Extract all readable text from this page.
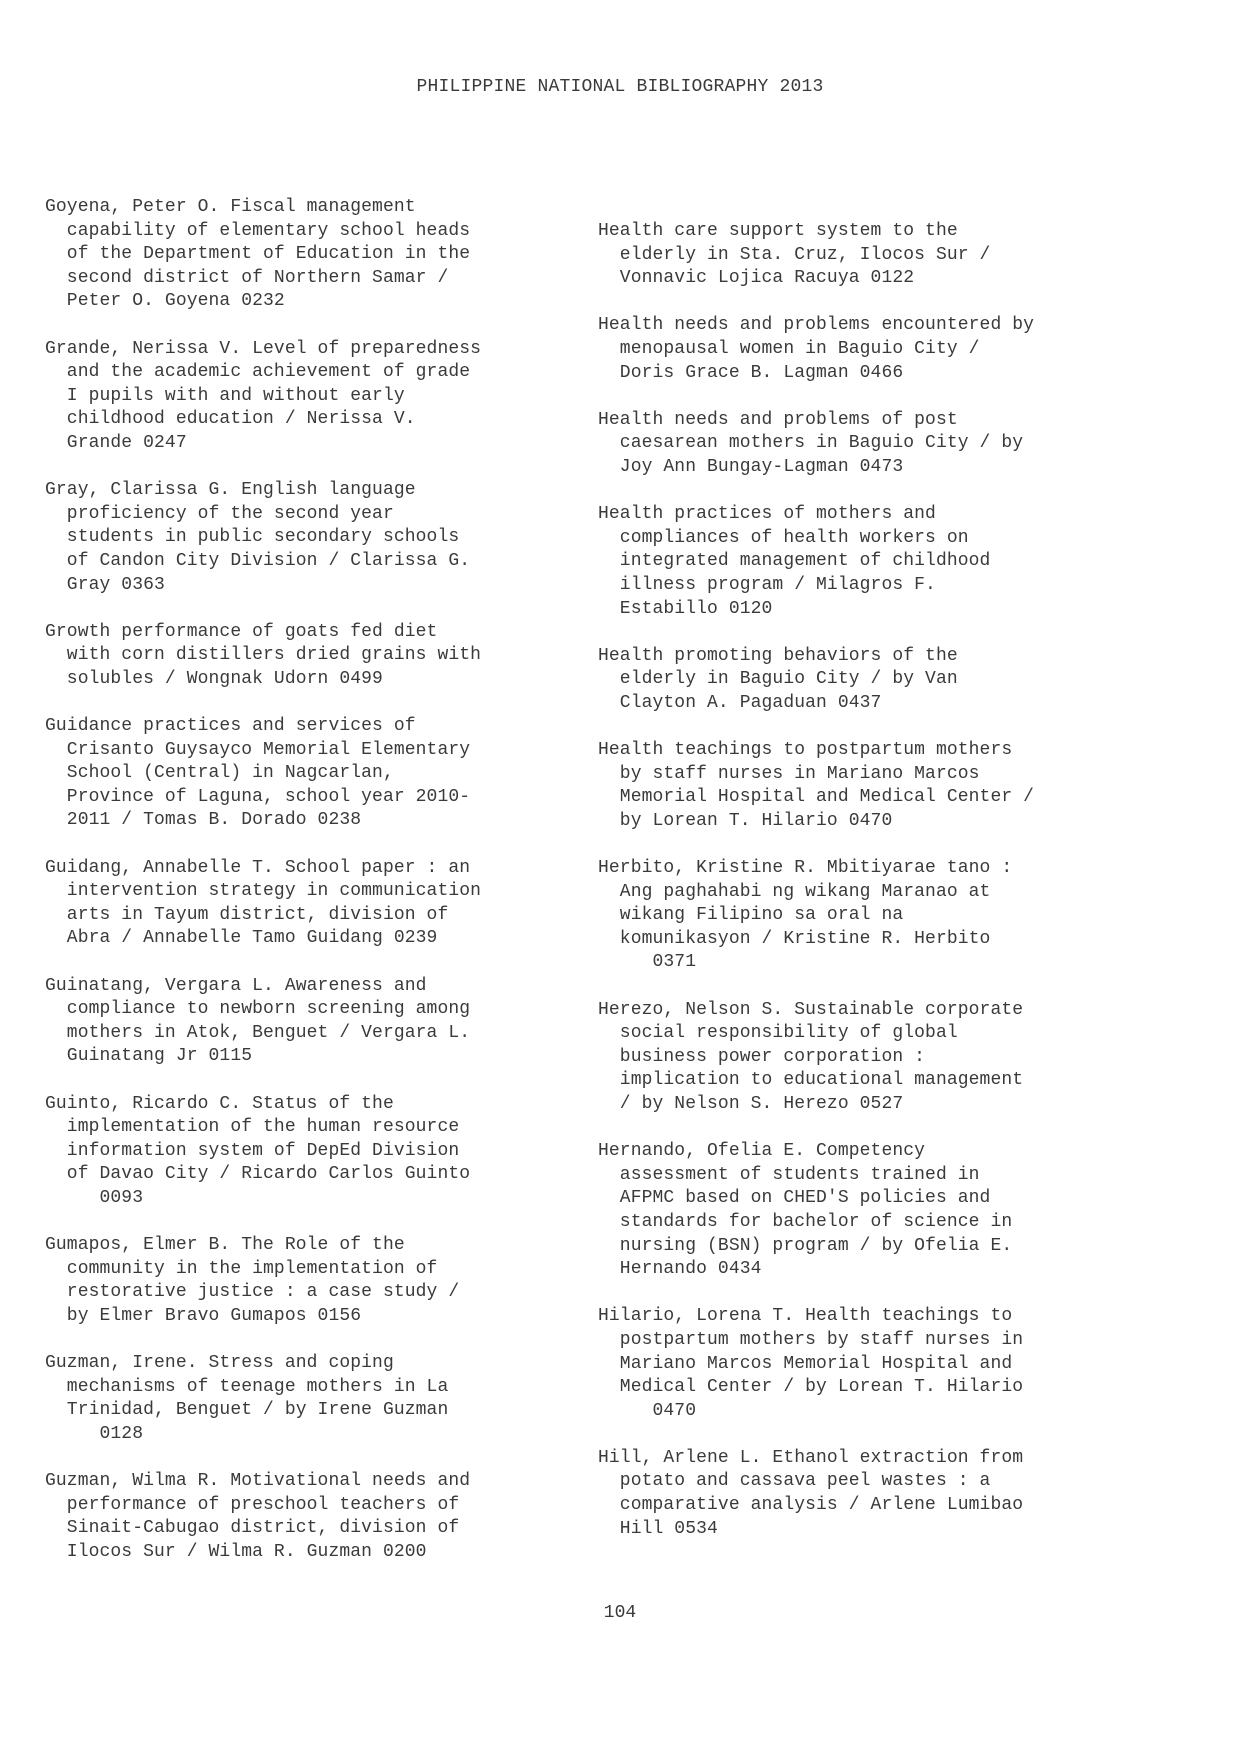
PHILIPPINE NATIONAL BIBLIOGRAPHY 2013
Goyena, Peter O. Fiscal management
capability of elementary school heads
of the Department of Education in the
second district of Northern Samar /
Peter O. Goyena 0232
Grande, Nerissa V. Level of preparedness
and the academic achievement of grade
I pupils with and without early
childhood education / Nerissa V.
Grande 0247
Gray, Clarissa G. English language
proficiency of the second year
students in public secondary schools
of Candon City Division / Clarissa G.
Gray 0363
Growth performance of goats fed diet
with corn distillers dried grains with
solubles / Wongnak Udorn 0499
Guidance practices and services of
Crisanto Guysayco Memorial Elementary
School (Central) in Nagcarlan,
Province of Laguna, school year 2010-
2011 / Tomas B. Dorado 0238
Guidang, Annabelle T. School paper : an
intervention strategy in communication
arts in Tayum district, division of
Abra / Annabelle Tamo Guidang 0239
Guinatang, Vergara L. Awareness and
compliance to newborn screening among
mothers in Atok, Benguet / Vergara L.
Guinatang Jr 0115
Guinto, Ricardo C. Status of the
implementation of the human resource
information system of DepEd Division
of Davao City / Ricardo Carlos Guinto
0093
Gumapos, Elmer B. The Role of the
community in the implementation of
restorative justice : a case study /
by Elmer Bravo Gumapos 0156
Guzman, Irene. Stress and coping
mechanisms of teenage mothers in La
Trinidad, Benguet / by Irene Guzman
0128
Guzman, Wilma R. Motivational needs and
performance of preschool teachers of
Sinait-Cabugao district, division of
Ilocos Sur / Wilma R. Guzman 0200
Health care support system to the
elderly in Sta. Cruz, Ilocos Sur /
Vonnavic Lojica Racuya 0122
Health needs and problems encountered by
menopausal women in Baguio City /
Doris Grace B. Lagman 0466
Health needs and problems of post
caesarean mothers in Baguio City / by
Joy Ann Bungay-Lagman 0473
Health practices of mothers and
compliances of health workers on
integrated management of childhood
illness program / Milagros F.
Estabillo 0120
Health promoting behaviors of the
elderly in Baguio City / by Van
Clayton A. Pagaduan 0437
Health teachings to postpartum mothers
by staff nurses in Mariano Marcos
Memorial Hospital and Medical Center /
by Lorean T. Hilario 0470
Herbito, Kristine R. Mbitiyarae tano :
Ang paghahabi ng wikang Maranao at
wikang Filipino sa oral na
komunikasyon / Kristine R. Herbito
0371
Herezo, Nelson S. Sustainable corporate
social responsibility of global
business power corporation :
implication to educational management
/ by Nelson S. Herezo 0527
Hernando, Ofelia E. Competency
assessment of students trained in
AFPMC based on CHED'S policies and
standards for bachelor of science in
nursing (BSN) program / by Ofelia E.
Hernando 0434
Hilario, Lorena T. Health teachings to
postpartum mothers by staff nurses in
Mariano Marcos Memorial Hospital and
Medical Center / by Lorean T. Hilario
0470
Hill, Arlene L. Ethanol extraction from
potato and cassava peel wastes : a
comparative analysis / Arlene Lumibao
Hill 0534
104
